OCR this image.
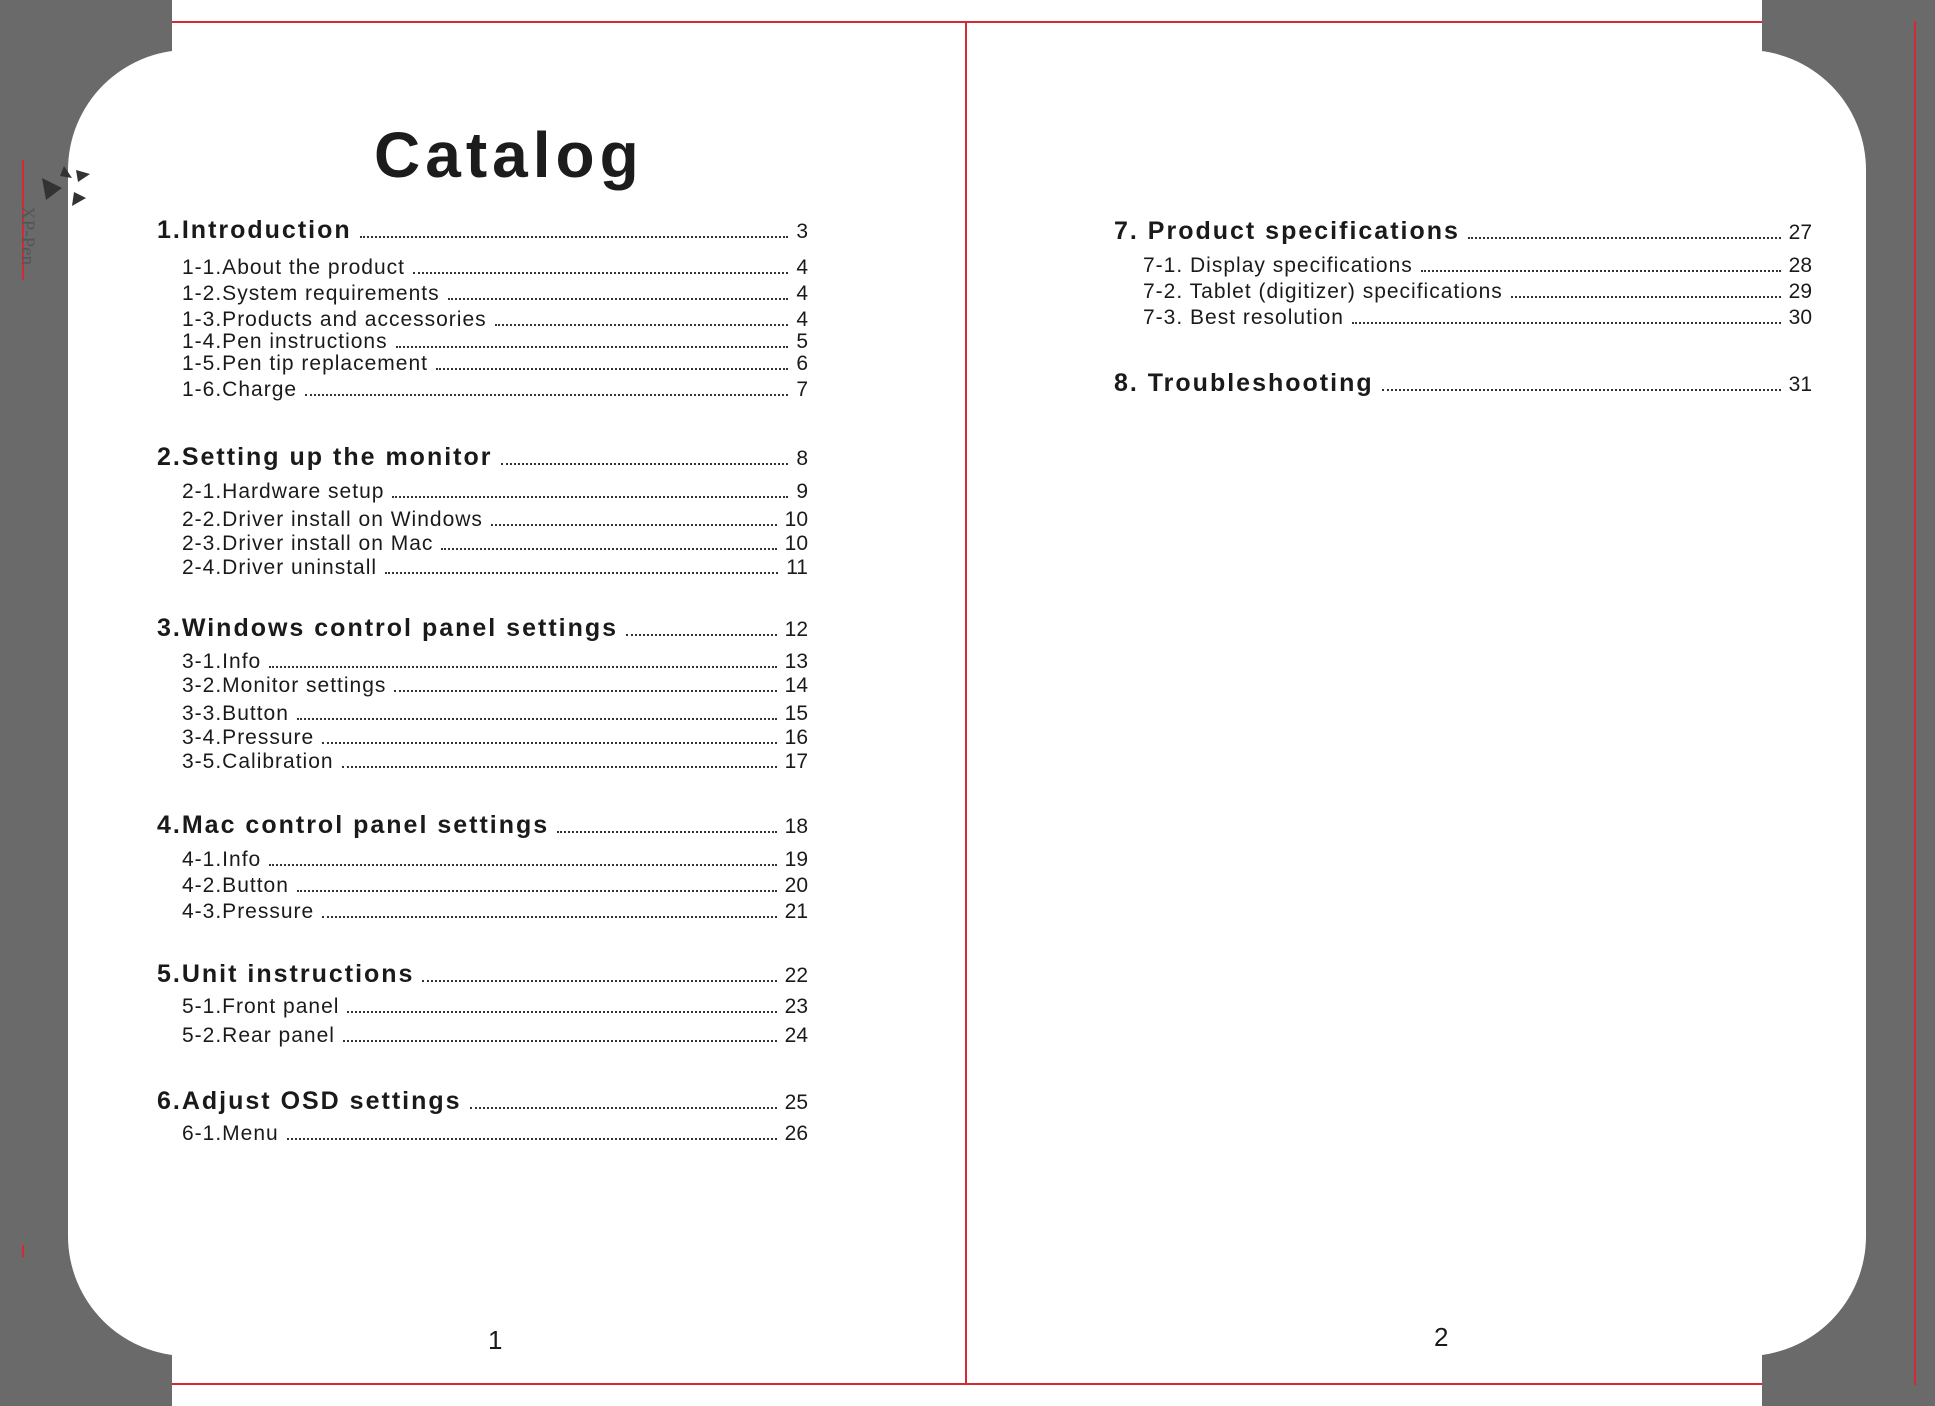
XP-Pen
Catalog
1.Introduction	3
1-1.About the product	4
1-2.System requirements	4
1-3.Products and accessories	4
1-4.Pen instructions	5
1-5.Pen tip replacement	6
1-6.Charge	7
2.Setting up the monitor	8
2-1.Hardware setup	9
2-2.Driver install on Windows	10
2-3.Driver install on Mac	10
2-4.Driver uninstall	11
3.Windows control panel settings	12
3-1.Info	13
3-2.Monitor settings	14
3-3.Button	15
3-4.Pressure	16
3-5.Calibration	17
4.Mac control panel settings	18
4-1.Info	19
4-2.Button	20
4-3.Pressure	21
5.Unit instructions	22
5-1.Front panel	23
5-2.Rear panel	24
6.Adjust OSD settings	25
6-1.Menu	26
7. Product specifications	27
7-1. Display specifications	28
7-2. Tablet (digitizer) specifications	29
7-3. Best resolution	30
8. Troubleshooting	31
1	2
